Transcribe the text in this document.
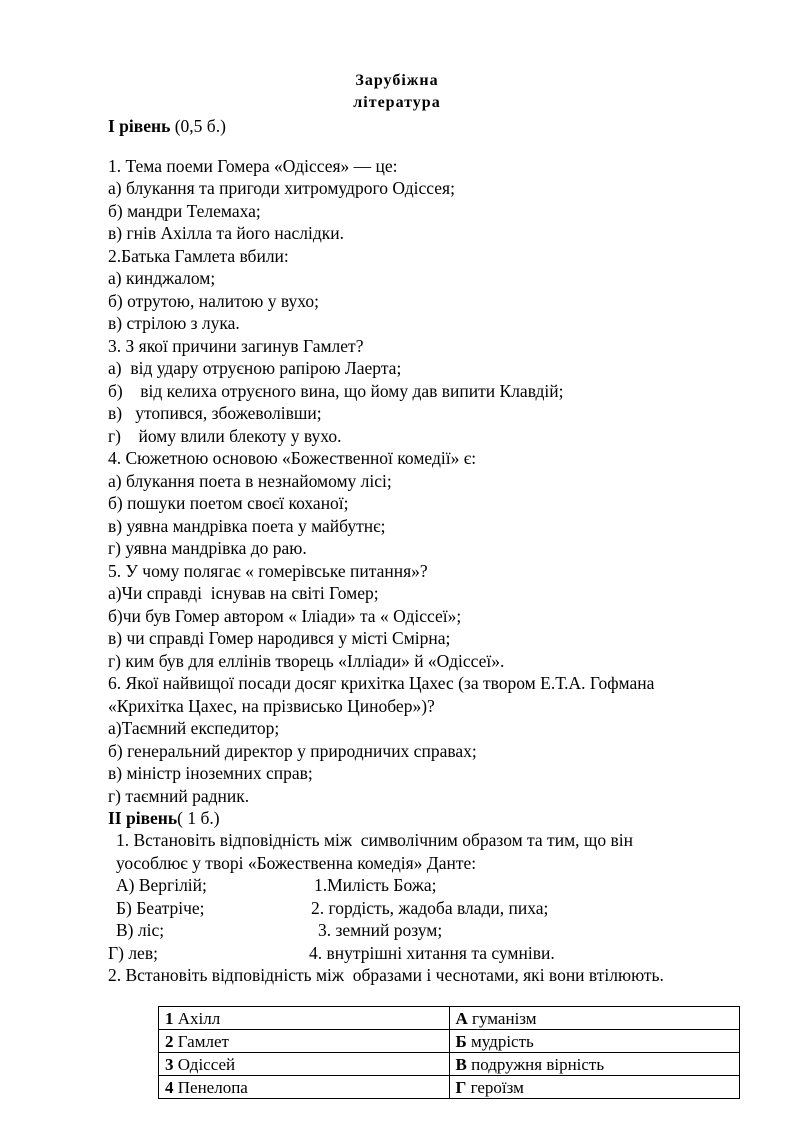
Зарубіжна
література
І рівень (0,5 б.)
1. Тема поеми Гомера «Одіссея» — це:
а) блукання та пригоди хитромудрого Одіссея;
б) мандри Телемаха;
в) гнів Ахілла та його наслідки.
2.Батька Гамлета вбили:
а) кинджалом;
б) отрутою, налитою у вухо;
в) стрілою з лука.
3. З якої причини загинув Гамлет?
а)  від удару отруєною рапірою Лаерта;
б)    від келиха отруєного вина, що йому дав випити Клавдій;
в)   утопився, збожеволівши;
г)    йому влили блекоту у вухо.
4. Сюжетною основою «Божественної комедії» є:
а) блукання поета в незнайомому лісі;
б) пошуки поетом своєї коханої;
в) уявна мандрівка поета у майбутнє;
г) уявна мандрівка до раю.
5. У чому полягає « гомерівське питання»?
а)Чи справді  існував на світі Гомер;
б)чи був Гомер автором « Іліади» та « Одіссеї»;
в) чи справді Гомер народився у місті Смірна;
г) ким був для еллінів творець «Ілліади» й «Одіссеї».
6. Якої найвищої посади досяг крихітка Цахес (за твором Е.Т.А. Гофмана
«Крихітка Цахес, на прізвисько Цинобер»)?
а)Таємний експедитор;
б) генеральний директор у природничих справах;
в) міністр іноземних справ;
г) таємний радник.
ІІ рівень( 1 б.)
1. Встановіть відповідність між  символічним образом та тим, що він
уособлює у творі «Божественна комедія» Данте:
А) Вергілій;	1.Милість Божа;
Б) Беатріче;	2. гордість, жадоба влади, пиха;
В) ліс;	3. земний розум;
Г) лев;	4. внутрішні хитання та сумніви.
2. Встановіть відповідність між  образами і чеснотами, які вони втілюють.
1 Ахілл	А гуманізм
2 Гамлет	Б мудрість
3 Одіссей	В подружня вірність
4 Пенелопа	Г героїзм
